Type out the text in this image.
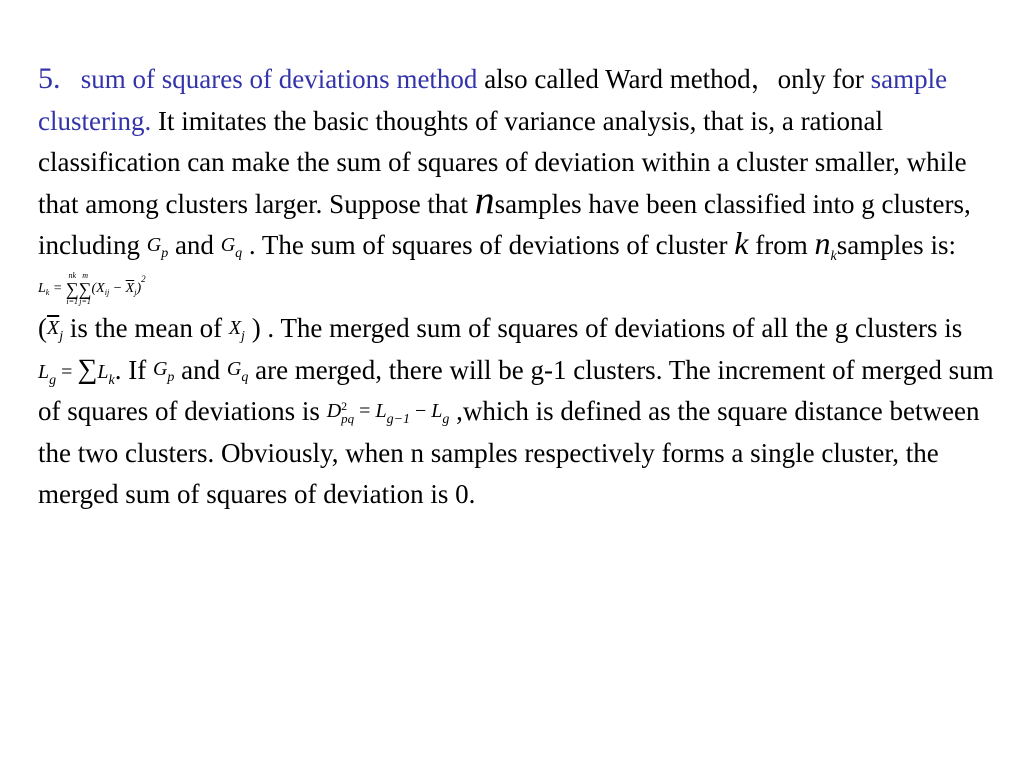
5. sum of squares of deviations method also called Ward method，only for sample clustering. It imitates the basic thoughts of variance analysis, that is, a rational classification can make the sum of squares of deviation within a cluster smaller, while that among clusters larger. Suppose that nsamples have been classified into g clusters, including $G_p$ and $G_q$ . The sum of squares of deviations of cluster k from $n_ksamples$ is: $L_k$ =
nk
∑
i=1
m
∑
j=1
$(X_{ij} - \overline{X}_j)^2$
($\overline{X}_j$ is the mean of $X_j$ ) . The merged sum of squares of deviations of all the g clusters is $L_g = \sum L_k$. If $G_p$ and $G_q$ are merged, there will be g-1 clusters. The increment of merged sum of squares of deviations is D 2
pq = $L_{g-1} - L_g$ ,which is defined as the square distance between the two clusters. Obviously, when n samples respectively forms a single cluster, the merged sum of squares of deviation is 0.
